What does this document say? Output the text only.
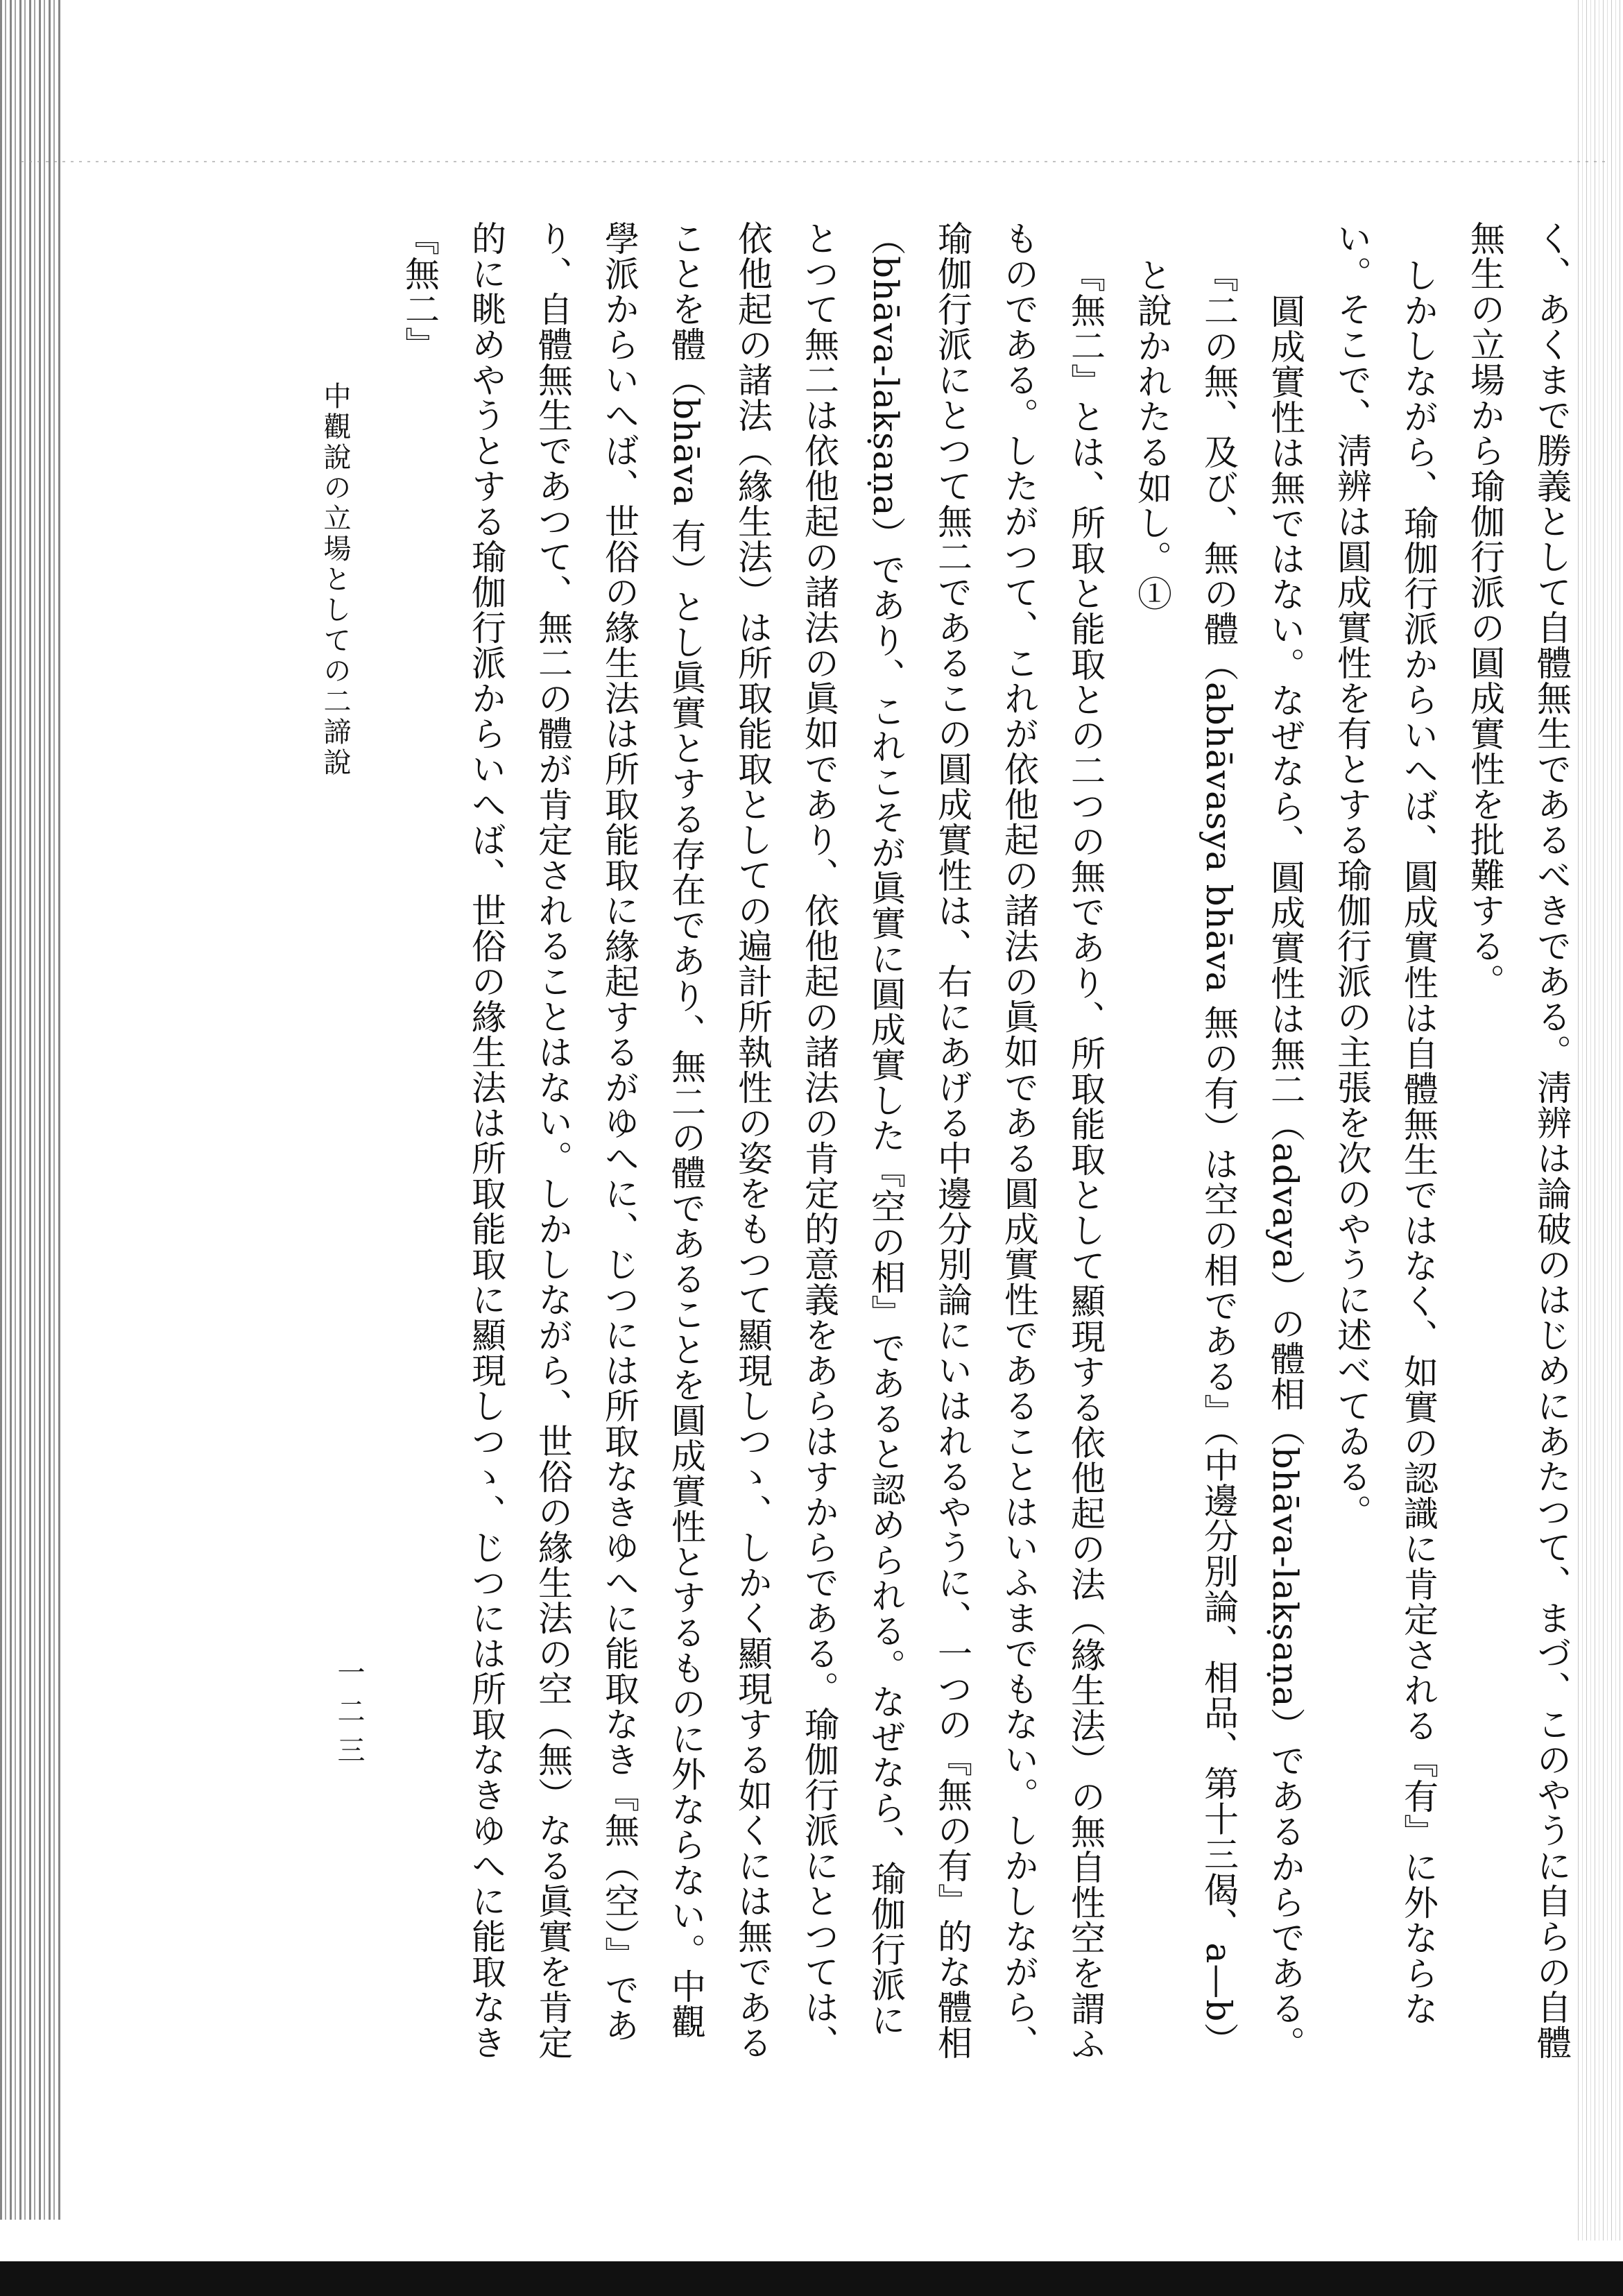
く、あくまで勝義として自體無生であるべきである。淸辨は論破のはじめにあたつて、まづ、このやうに自らの自體無生の立場から瑜伽行派の圓成實性を批難する。

しかしながら、瑜伽行派からいへば、圓成實性は自體無生ではなく、如實の認識に肯定される『有』に外ならない。そこで、淸辨は圓成實性を有とする瑜伽行派の主張を次のやうに述べてゐる。

圓成實性は無ではない。なぜなら、圓成實性は無二（advaya）の體相（bhāva-lakṣaṇa）であるからである。『二の無、及び、無の體（abhāvasya bhāva 無の有）は空の相である』（中邊分別論、相品、第十三偈、a—b）と說かれたる如し。①

『無二』とは、所取と能取との二つの無であり、所取能取として顯現する依他起の法（緣生法）の無自性空を謂ふものである。したがつて、これが依他起の諸法の眞如である圓成實性であることはいふまでもない。しかしながら、瑜伽行派にとつて無二であるこの圓成實性は、右にあげる中邊分別論にいはれるやうに、一つの『無の有』的な體相（bhāva-lakṣaṇa）であり、これこそが眞實に圓成實した『空の相』であると認められる。なぜなら、瑜伽行派にとつて無二は依他起の諸法の眞如であり、依他起の諸法の肯定的意義をあらはすからである。瑜伽行派にとつては、依他起の諸法（緣生法）は所取能取としての遍計所執性の姿をもつて顯現しつゝ、しかく顯現する如くには無であることを體（bhāva 有）とし眞實とする存在であり、無二の體であることを圓成實性とするものに外ならない。中觀學派からいへば、世俗の緣生法は所取能取に緣起するがゆへに、じつには所取なきゆへに能取なき『無（空）』であり、自體無生であつて、無二の體が肯定されることはない。しかしながら、世俗の緣生法の空（無）なる眞實を肯定的に眺めやうとする瑜伽行派からいへば、世俗の緣生法は所取能取に顯現しつゝ、じつには所取なきゆへに能取なき『無二』

中觀說の立場としての二諦說
一二三
